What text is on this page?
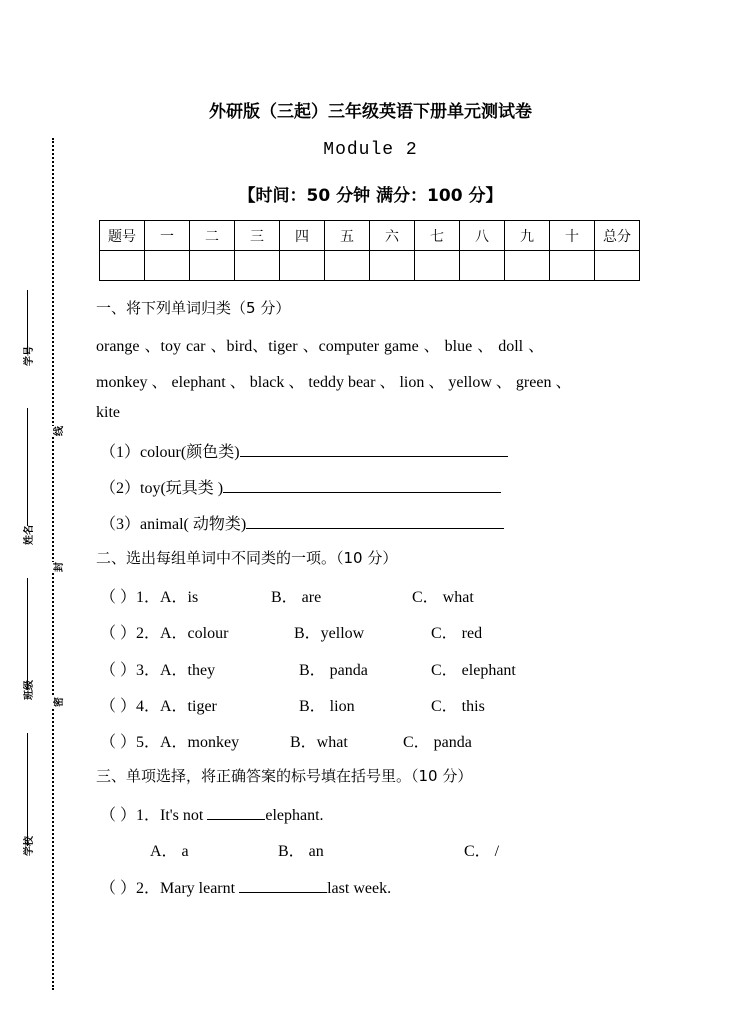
学号
姓名
班级
学校
线
封
密
外研版（三起）三年级英语下册单元测试卷
Module 2
【时间：50 分钟 满分：100 分】
题号	一	二	三	四	五	六	七	八	九	十	总分

一、将下列单词归类（5 分）
orange 、toy car 、bird、tiger 、computer game 、 blue 、 doll 、
monkey 、 elephant 、 black 、 teddy bear 、 lion 、 yellow 、 green 、
kite
（1）colour(颜色类)
（2）toy(玩具类 )
（3）animal( 动物类)
二、选出每组单词中不同类的一项。（10 分）
（ ）1．A．is	B． are	C． what
（ ）2．A．colour	B．yellow	C． red
（ ）3．A．they	B． panda	C． elephant
（ ）4．A．tiger	B． lion	C． this
（ ）5．A．monkey	B．what	C． panda
三、单项选择，将正确答案的标号填在括号里。（10 分）
（ ）1．It's not	elephant.
A． a	B． an	C． /
（ ）2．Mary learnt	last week.
